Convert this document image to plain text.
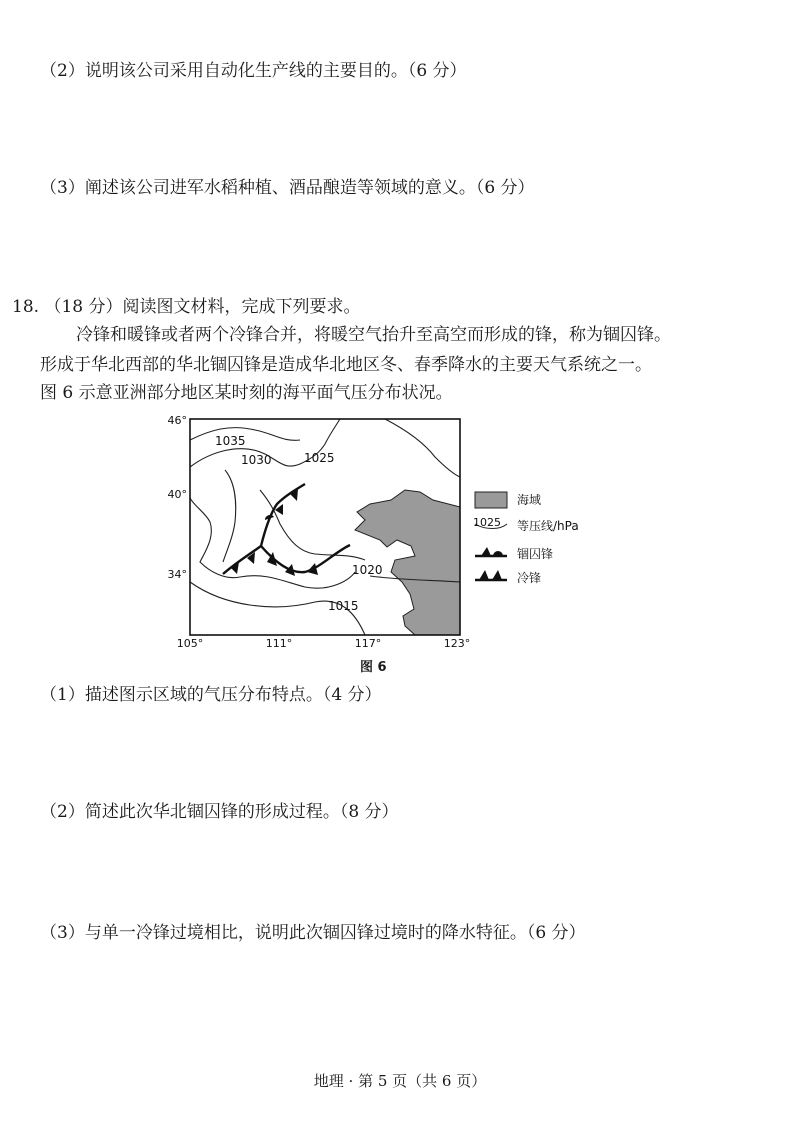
（2）说明该公司采用自动化生产线的主要目的。（6 分）
（3）阐述该公司进军水稻种植、酒品酿造等领域的意义。（6 分）
18. （18 分）阅读图文材料，完成下列要求。
冷锋和暖锋或者两个冷锋合并，将暖空气抬升至高空而形成的锋，称为锢囚锋。
形成于华北西部的华北锢囚锋是造成华北地区冬、春季降水的主要天气系统之一。
图 6 示意亚洲部分地区某时刻的海平面气压分布状况。
1035
1030	1025
1020
1015
46°
40°
34°
105°	111°	117°	123°
海域
1025 等压线/hPa
锢囚锋
冷锋
图 6
（1）描述图示区域的气压分布特点。（4 分）
（2）简述此次华北锢囚锋的形成过程。（8 分）
（3）与单一冷锋过境相比，说明此次锢囚锋过境时的降水特征。（6 分）
地理 · 第 5 页（共 6 页）
